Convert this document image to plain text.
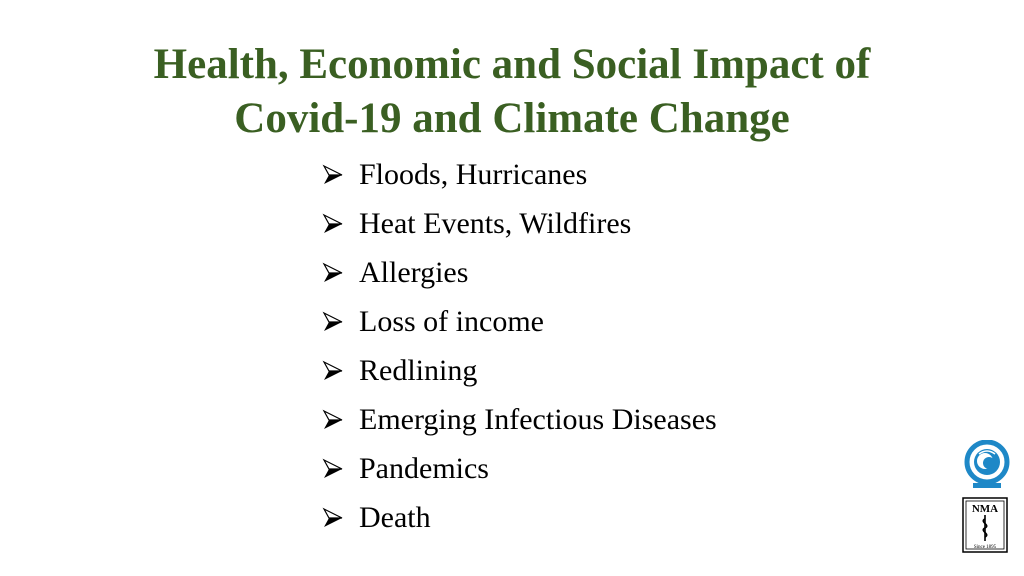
Health, Economic and Social Impact of
Covid-19 and Climate Change
Floods, Hurricanes
Heat Events, Wildfires
Allergies
Loss of income
Redlining
Emerging Infectious Diseases
Pandemics
Death	NMA
Since 1895
